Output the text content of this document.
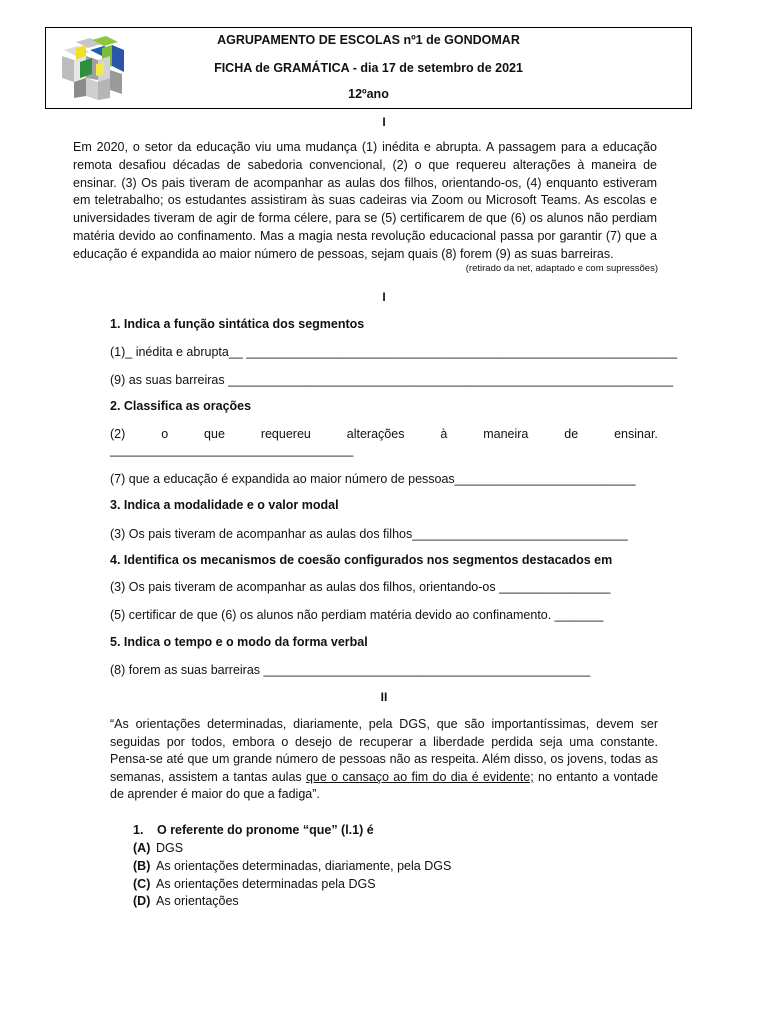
AGRUPAMENTO DE ESCOLAS nº1 de GONDOMAR
FICHA de GRAMÁTICA - dia 17 de setembro de 2021
12ºano
I

Em 2020, o setor da educação viu uma mudança (1) inédita e abrupta. A passagem para a educação remota desafiou décadas de sabedoria convencional, (2) o que requereu alterações à maneira de ensinar. (3) Os pais tiveram de acompanhar as aulas dos filhos, orientando-os, (4) enquanto estiveram em teletrabalho; os estudantes assistiram às suas cadeiras via Zoom ou Microsoft Teams. As escolas e universidades tiveram de agir de forma célere, para se (5) certificarem de que (6) os alunos não perdiam matéria devido ao confinamento. Mas a magia nesta revolução educacional passa por garantir (7) que a educação é expandida ao maior número de pessoas, sejam quais (8) forem (9) as suas barreiras.

(retirado da net, adaptado e com supressões)
I
1. Indica a função sintática dos segmentos
(1)_ inédita e abrupta__ ______________________________________________________________
(9) as suas barreiras ________________________________________________________________
2. Classifica as orações
(2)	o	que	requereu	alterações	à	maneira	de	ensinar.
___________________________________
(7) que a educação é expandida ao maior número de pessoas__________________________
3. Indica a modalidade e o valor modal
(3) Os pais tiveram de acompanhar as aulas dos filhos_______________________________
4. Identifica os mecanismos de coesão configurados nos segmentos destacados em
(3) Os pais tiveram de acompanhar as aulas dos filhos, orientando-os ________________
(5) certificar de que (6) os alunos não perdiam matéria devido ao confinamento. _______
5. Indica o tempo e o modo da forma verbal
(8) forem as suas barreiras _______________________________________________
II

“As orientações determinadas, diariamente, pela DGS, que são importantíssimas, devem ser seguidas por todos, embora o desejo de recuperar a liberdade perdida seja uma constante. Pensa-se até que um grande número de pessoas não as respeita. Além disso, os jovens, todas as semanas, assistem a tantas aulas que o cansaço ao fim do dia é evidente; no entanto a vontade de aprender é maior do que a fadiga”.

1. O referente do pronome “que” (l.1) é
(A) DGS
(B) As orientações determinadas, diariamente, pela DGS
(C) As orientações determinadas pela DGS
(D) As orientações
